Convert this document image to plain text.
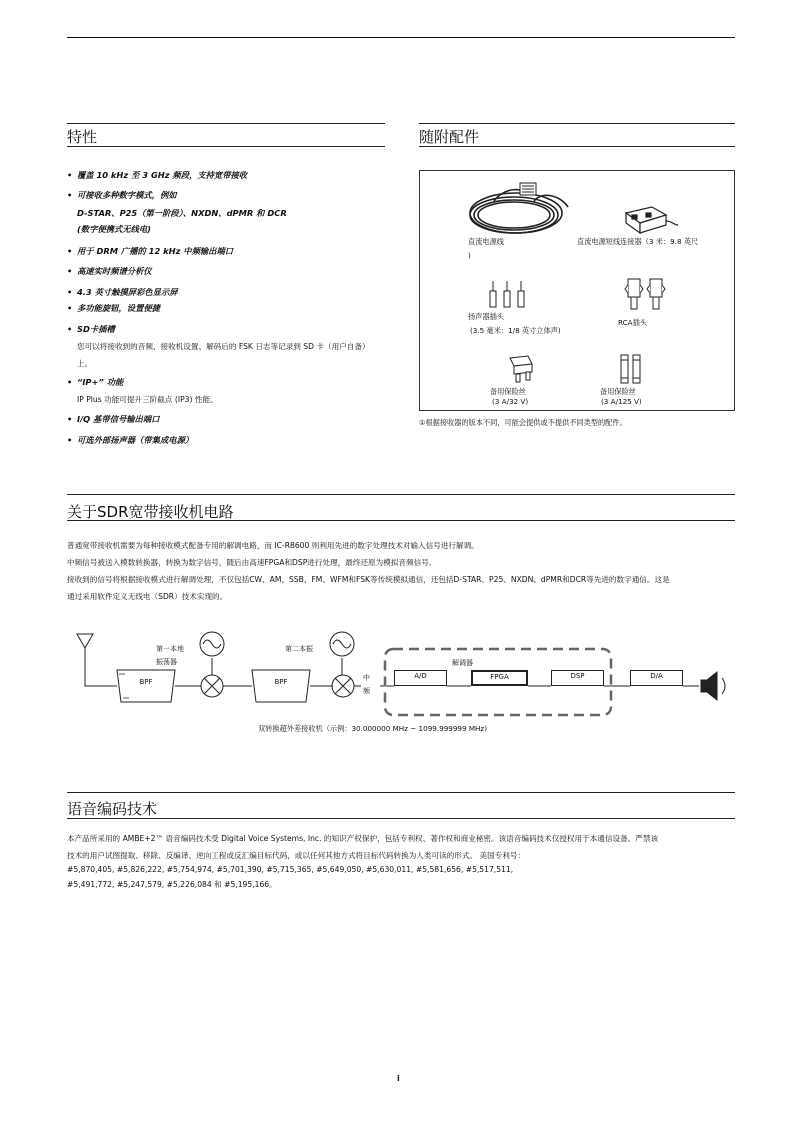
特性
• 覆盖 10 kHz 至 3 GHz 频段，支持宽带接收
• 可接收多种数字模式，例如
D-STAR、P25（第一阶段）、NXDN、dPMR 和 DCR
(数字便携式无线电)
• 用于 DRM 广播的 12 kHz 中频输出端口
• 高速实时频谱分析仪
• 4.3 英寸触摸屏彩色显示屏
• 多功能旋钮，设置便捷
• SD卡插槽
您可以将接收到的音频、接收机设置、解码后的 FSK 日志等记录到 SD 卡（用户自备）
上。
• “IP+” 功能
IP Plus 功能可提升三阶截点 (IP3) 性能。
• I/Q 基带信号输出端口
• 可选外部扬声器（带集成电源）
随附配件
直流电源线
)
直流电源短线连接器（3 米：9.8 英尺
扬声器插头
(3.5 毫米：1/8 英寸立体声)
RCA插头
备用保险丝
(3 A/32 V)
备用保险丝
(3 A/125 V)
①根据接收器的版本不同，可能会提供或不提供不同类型的配件。
关于SDR宽带接收机电路
普通宽带接收机需要为每种接收模式配备专用的解调电路，而 IC-R8600 则利用先进的数字处理技术对输入信号进行解调。
中频信号被送入模数转换器，转换为数字信号，随后由高速FPGA和DSP进行处理，最终还原为模拟音频信号。
接收到的信号将根据接收模式进行解调处理，不仅包括CW、AM、SSB、FM、WFM和FSK等传统模拟通信，还包括D-STAR、P25、NXDN、dPMR和DCR等先进的数字通信。这是
通过采用软件定义无线电（SDR）技术实现的。
BPF	BPF
第一本地
振荡器
第二本振
中
频
解调器
A/D	FPGA	DSP	D/A
双转换超外差接收机（示例：30.000000 MHz ~ 1099.999999 MHz)
语音编码技术
本产品所采用的 AMBE+2™ 语音编码技术受 Digital Voice Systems, Inc. 的知识产权保护，包括专利权、著作权和商业秘密。该语音编码技术仅授权用于本通信设备。严禁该
技术的用户试图提取、移除、反编译、逆向工程或反汇编目标代码，或以任何其他方式将目标代码转换为人类可读的形式。 美国专利号：
#5,870,405, #5,826,222, #5,754,974, #5,701,390, #5,715,365, #5,649,050, #5,630,011, #5,581,656, #5,517,511,
#5,491,772, #5,247,579, #5,226,084 和 #5,195,166。
i
